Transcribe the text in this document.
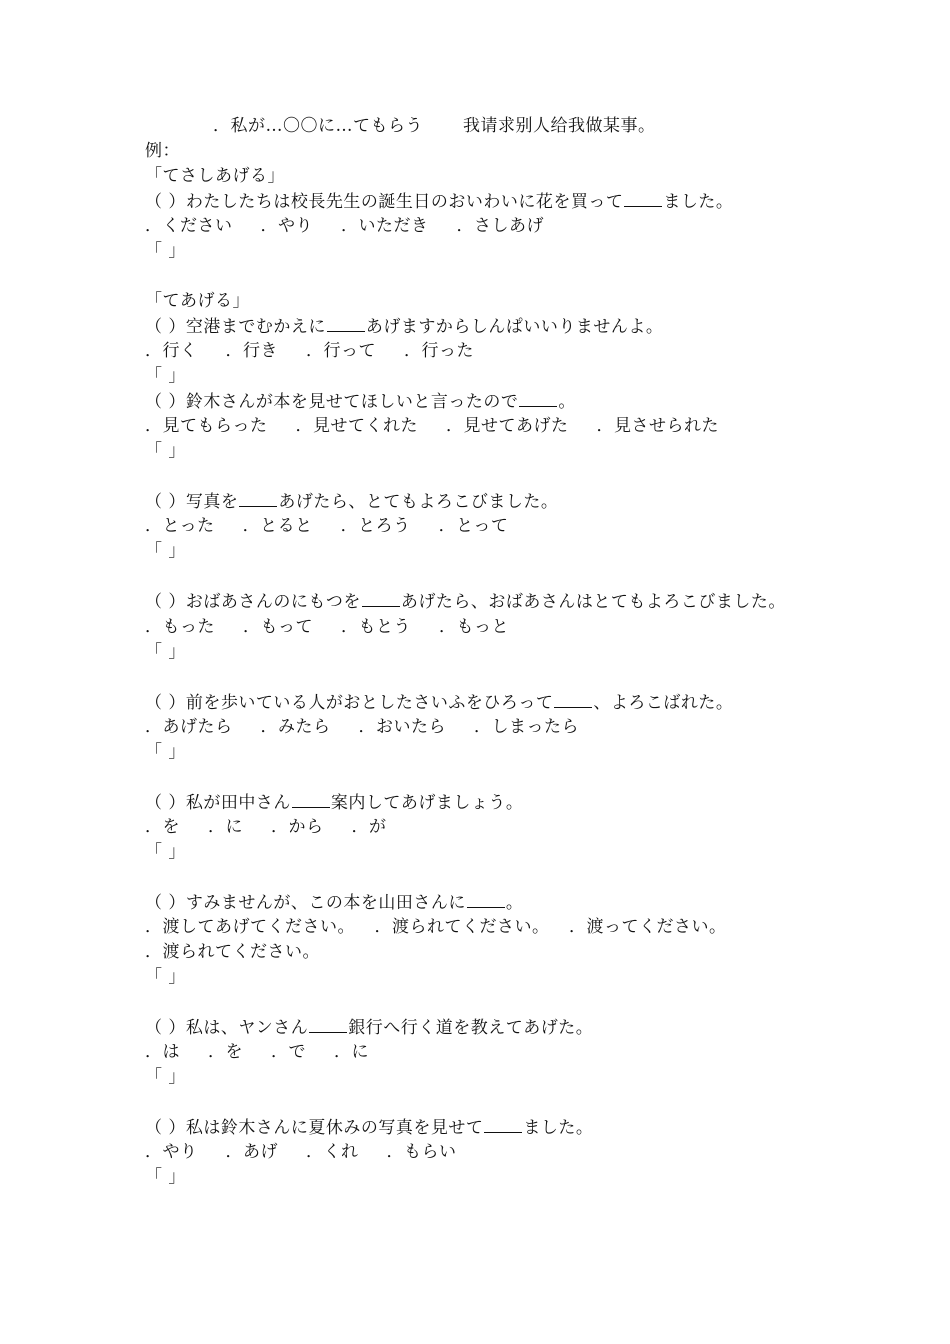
．私が…〇〇に…てもらう 我请求别人给我做某事。
例：
「てさしあげる」
（ ）わたしたちは校長先生の誕生日のおいわいに花を買って ました。
．ください ．やり ．いただき ．さしあげ
「 」
「てあげる」
（ ）空港までむかえに あげますからしんぱいいりませんよ。
．行く ．行き ．行って ．行った
「 」
（ ）鈴木さんが本を見せてほしいと言ったので 。
．見てもらった ．見せてくれた ．見せてあげた ．見させられた
「 」
（ ）写真を あげたら、とてもよろこびました。
．とった ．とると ．とろう ．とって
「 」
（ ）おばあさんのにもつを あげたら、おばあさんはとてもよろこびました。
．もった ．もって ．もとう ．もっと
「 」
（ ）前を歩いている人がおとしたさいふをひろって 、よろこばれた。
．あげたら ．みたら ．おいたら ．しまったら
「 」
（ ）私が田中さん 案内してあげましょう。
．を ．に ．から ．が
「 」
（ ）すみませんが、この本を山田さんに 。
．渡してあげてください。 ．渡られてください。 ．渡ってください。
．渡られてください。
「 」
（ ）私は、ヤンさん 銀行へ行く道を教えてあげた。
．は ．を ．で ．に
「 」
（ ）私は鈴木さんに夏休みの写真を見せて ました。
．やり ．あげ ．くれ ．もらい
「 」
